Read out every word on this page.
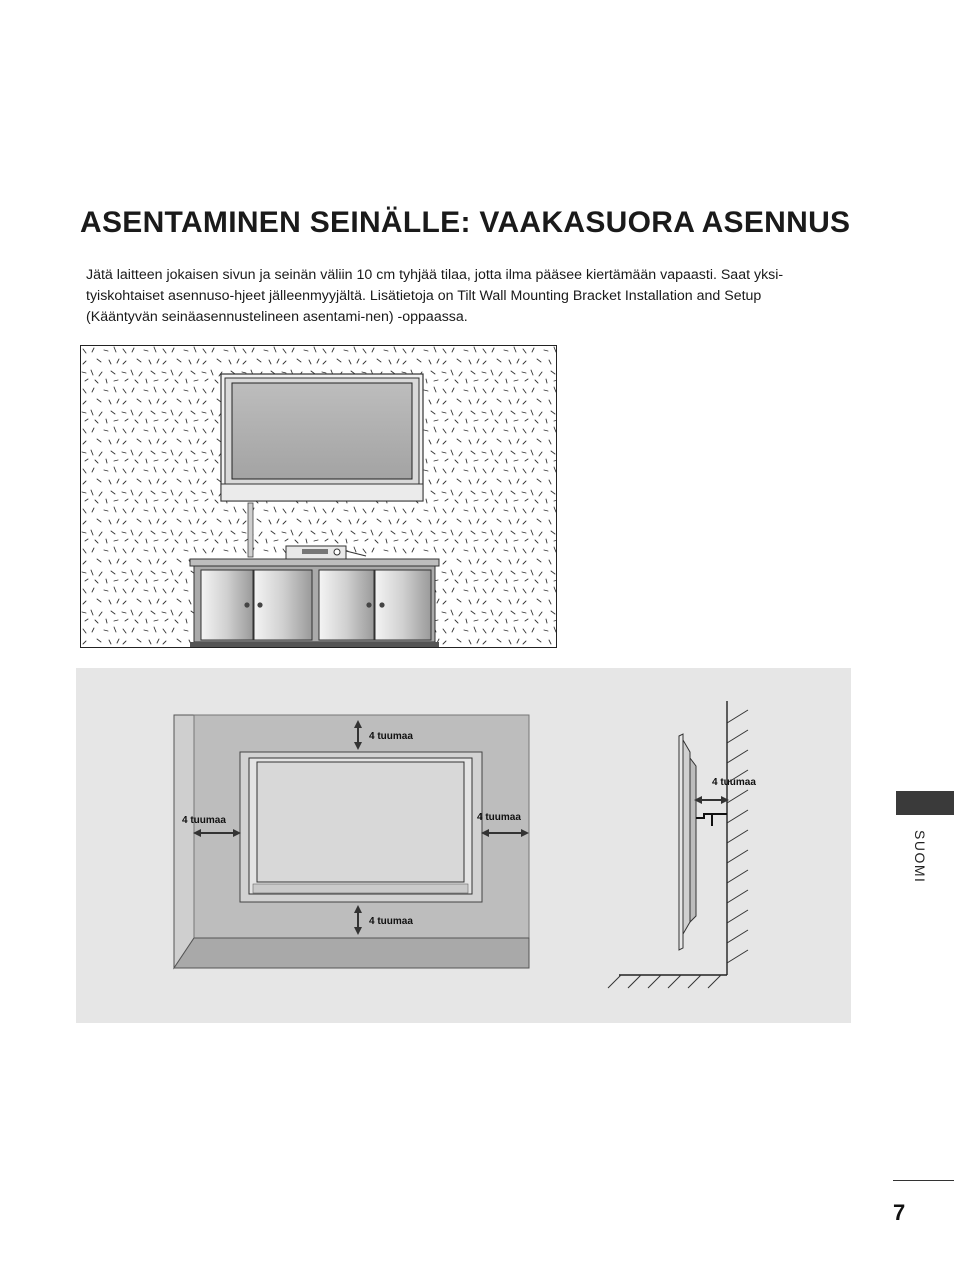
ASENTAMINEN SEINÄLLE: VAAKASUORA ASENNUS

Jätä laitteen jokaisen sivun ja seinän väliin 10 cm tyhjää tilaa, jotta ilma pääsee kiertämään vapaasti. Saat yksi-tyiskohtaiset asennuso-hjeet jälleenmyyjältä. Lisätietoja on Tilt Wall Mounting Bracket Installation and Setup (Kääntyvän seinäasennustelineen asentami-nen) -oppaassa.

4 tuumaa
4 tuumaa
4 tuumaa	4 tuumaa
4 tuumaa
SUOMI
7
